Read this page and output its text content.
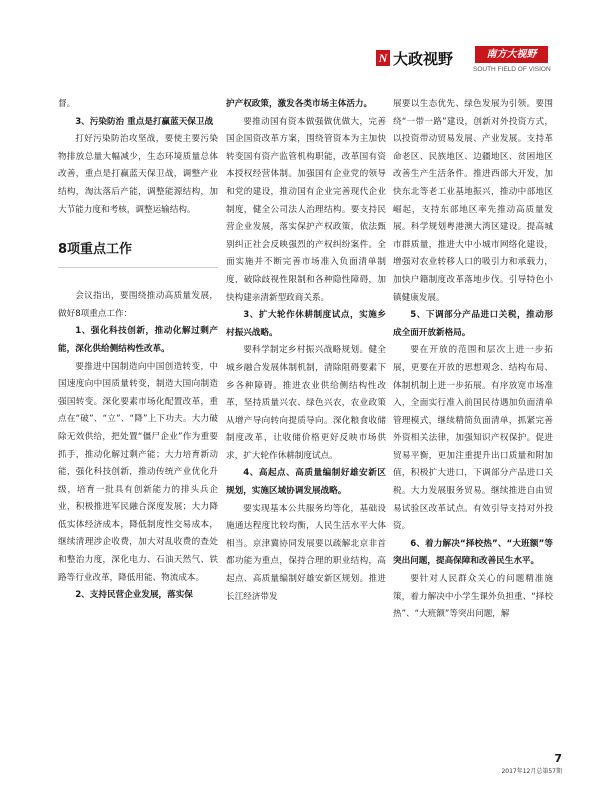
N 大政视野	南方大视野
SOUTH FIELD OF VISION

督。

3、污染防治 重点是打赢蓝天保卫战

打好污染防治攻坚战，要使主要污染物排放总量大幅减少，生态环境质量总体改善，重点是打赢蓝天保卫战，调整产业结构，淘汰落后产能，调整能源结构，加大节能力度和考核，调整运输结构。

8项重点工作

会议指出，要围绕推动高质量发展，做好8项重点工作：

1、强化科技创新，推动化解过剩产能，深化供给侧结构性改革。

要推进中国制造向中国创造转变，中国速度向中国质量转变，制造大国向制造强国转变。深化要素市场化配置改革，重点在“破”、“立”、“降”上下功夫。大力破除无效供给，把处置“僵尸企业”作为重要抓手，推动化解过剩产能；大力培育新动能，强化科技创新，推动传统产业优化升级，培育一批具有创新能力的排头兵企业，积极推进军民融合深度发展；大力降低实体经济成本，降低制度性交易成本，继续清理涉企收费，加大对乱收费的查处和整治力度，深化电力、石油天然气、铁路等行业改革，降低用能、物流成本。

2、支持民营企业发展，落实保

护产权政策，激发各类市场主体活力。

要推动国有资本做强做优做大，完善国企国资改革方案，围绕管资本为主加快转变国有资产监管机构职能，改革国有资本授权经营体制。加强国有企业党的领导和党的建设，推动国有企业完善现代企业制度，健全公司法人治理结构。要支持民营企业发展，落实保护产权政策，依法甄别纠正社会反映强烈的产权纠纷案件。全面实施并不断完善市场准入负面清单制度，破除歧视性限制和各种隐性障碍，加快构建亲清新型政商关系。

3、扩大轮作休耕制度试点，实施乡村振兴战略。

要科学制定乡村振兴战略规划。健全城乡融合发展体制机制，清除阻碍要素下乡各种障碍。推进农业供给侧结构性改革，坚持质量兴农、绿色兴农，农业政策从增产导向转向提质导向。深化粮食收储制度改革，让收储价格更好反映市场供求，扩大轮作休耕制度试点。

4、高起点、高质量编制好雄安新区规划，实施区域协调发展战略。

要实现基本公共服务均等化，基础设施通达程度比较均衡，人民生活水平大体相当。京津冀协同发展要以疏解北京非首都功能为重点，保持合理的职业结构，高起点、高质量编制好雄安新区规划。推进长江经济带发

展要以生态优先、绿色发展为引领。要围绕“一带一路”建设，创新对外投资方式，以投资带动贸易发展、产业发展。支持革命老区、民族地区、边疆地区、贫困地区改善生产生活条件。推进西部大开发，加快东北等老工业基地振兴，推动中部地区崛起，支持东部地区率先推动高质量发展。科学规划粤港澳大湾区建设。提高城市群质量，推进大中小城市网络化建设，增强对农业转移人口的吸引力和承载力，加快户籍制度改革落地步伐。引导特色小镇健康发展。

5、下调部分产品进口关税，推动形成全面开放新格局。

要在开放的范围和层次上进一步拓展，更要在开放的思想观念、结构布局、体制机制上进一步拓展。有序放宽市场准入，全面实行准入前国民待遇加负面清单管理模式，继续精简负面清单，抓紧完善外资相关法律，加强知识产权保护。促进贸易平衡，更加注重提升出口质量和附加值，积极扩大进口，下调部分产品进口关税。大力发展服务贸易。继续推进自由贸易试验区改革试点。有效引导支持对外投资。

6、着力解决“择校热”、“大班额”等突出问题，提高保障和改善民生水平。

要针对人民群众关心的问题精准施策，着力解决中小学生课外负担重、“择校热”、“大班额”等突出问题，解

7
2017年12月总第57期
